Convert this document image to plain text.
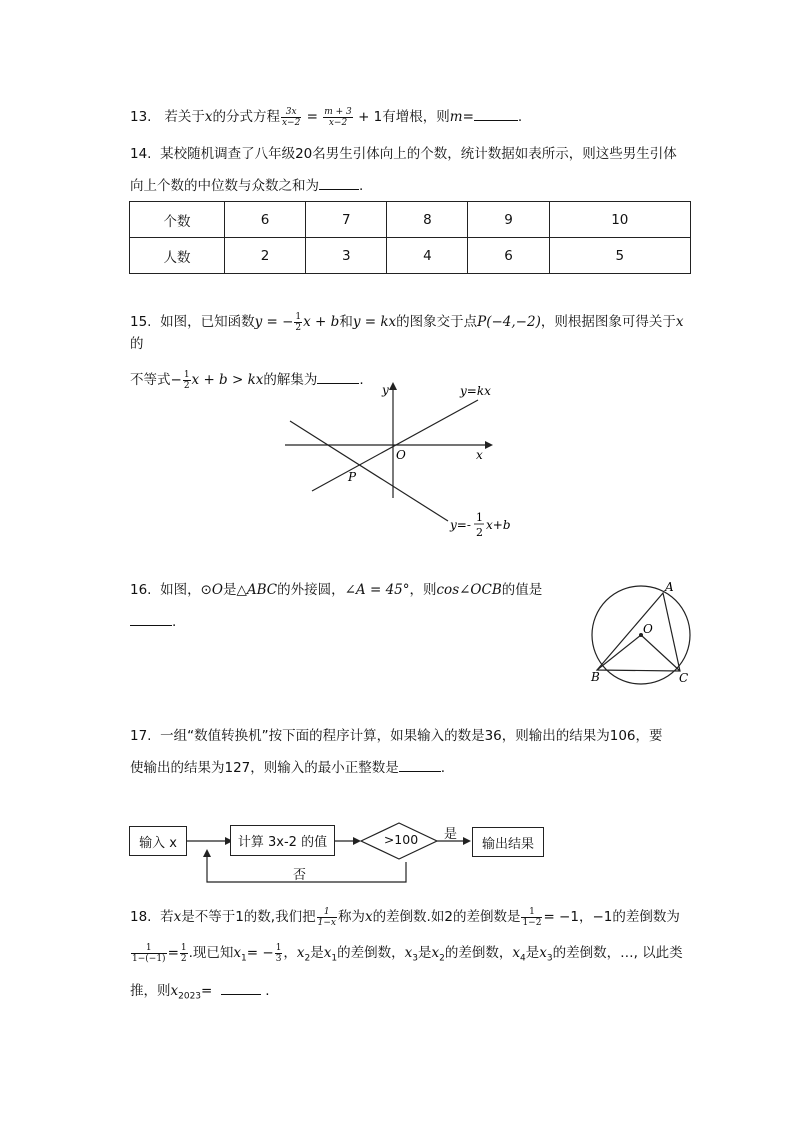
13. 若关于x的分式方程 $\frac{3x}{x-2} = \frac{m + 3}{x-2} + 1$有增根，则m=	.
14. 某校随机调查了八年级20名男生引体向上的个数，统计数据如表所示，则这些男生引体
向上个数的中位数与众数之和为	.
个数	6	7	8	9	10
人数	2	3	4	6	5
15. 如图，已知函数y = − $\frac{1}{2}$ x + b和y = kx的图象交于点P(−4,−2)，则根据图象可得关于x的
不等式− $\frac{1}{2}$ x + b > kx的解集为	.
y
x
O
P
y=kx
y=-
1
2
x+b
16. 如图，⊙O是△ABC的外接圆，∠A = 45°，则cos∠OCB的值是
.
A
O
B	C
17. 一组“数值转换机”按下面的程序计算，如果输入的数是36，则输出的结果为106，要
使输出的结果为127，则输入的最小正整数是	.
输入 x	计算 3x-2 的值	>100	是
输出结果
否
18. 若x是不等于1的数,我们把 $\frac{1}{1-x}$ 称为x的差倒数.如2的差倒数是 $\frac{1}{1-2} = -1$，−1的差倒数为
$\frac{1}{1-(-1)} = \frac{1}{2}$ .现已知$x_1= - \frac{1}{3}$ ，$x_2$是$x_1$的差倒数，$x_3$是$x_2$的差倒数，$x_4$是$x_3$的差倒数，…, 以此类
推，则$x_{2023}=$	.
